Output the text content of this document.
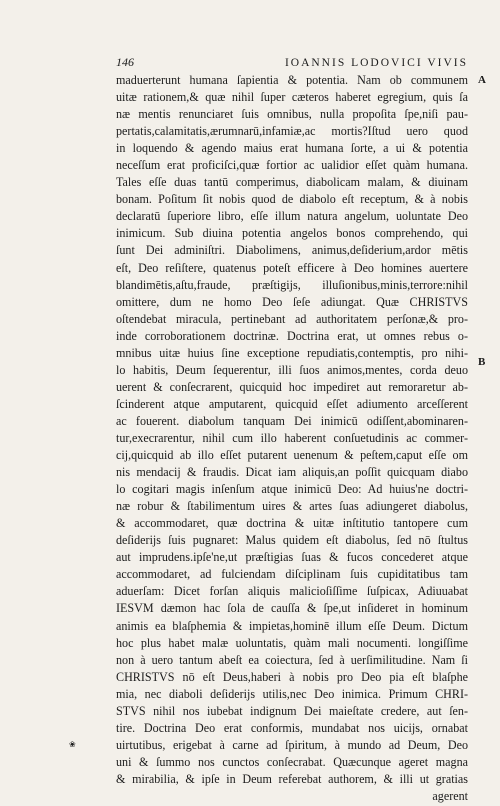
146	IOANNIS LODOVICI VIVIS
maduerterunt humana ſapientia & potentia. Nam ob communem
uitæ rationem,& quæ nihil ſuper cæteros haberet egregium, quis ſa
næ mentis renunciaret ſuis omnibus, nulla propoſita ſpe,niſi pau-
pertatis,calamitatis,ærumnarū,infamiæ,ac mortis?Iſtud uero quod
in loquendo & agendo maius erat humana ſorte, a ui & potentia
neceſſum erat proficiſci,quæ fortior ac ualidior eſſet quàm humana.
Tales eſſe duas tantū comperimus, diabolicam malam, & diuinam
bonam. Poſitum ſit nobis quod de diabolo eſt receptum, & à nobis
declaratū ſuperiore libro, eſſe illum natura angelum, uoluntate Deo
inimicum. Sub diuina potentia angelos bonos comprehendo, qui
ſunt Dei adminiſtri. Diabolimens, animus,deſiderium,ardor mētis
eſt, Deo reſiſtere, quatenus poteſt efficere à Deo homines auertere
blandimētis,aſtu,fraude, præſtigijs, illuſionibus,minis,terrore:nihil
omittere, dum ne homo Deo ſeſe adiungat. Quæ CHRISTVS
oſtendebat miracula, pertinebant ad authoritatem perſonæ,& pro-
inde corroborationem doctrinæ. Doctrina erat, ut omnes rebus o-
mnibus uitæ huius ſine exceptione repudiatis,contemptis, pro nihi-
lo habitis, Deum ſequerentur, illi ſuos animos,mentes, corda deuo
uerent & conſecrarent, quicquid hoc impediret aut remoraretur ab-
ſcinderent atque amputarent, quicquid eſſet adiumento arceſſerent
ac fouerent. diabolum tanquam Dei inimicū odiſſent,abominaren-
tur,execrarentur, nihil cum illo haberent conſuetudinis ac commer-
cij,quicquid ab illo eſſet putarent uenenum & peſtem,caput eſſe om
nis mendacij & fraudis. Dicat iam aliquis,an poſſit quicquam diabo
lo cogitari magis inſenſum atque inimicū Deo: Ad huius'ne doctri-
næ robur & ſtabilimentum uires & artes ſuas adiungeret diabolus,
& accommodaret, quæ doctrina & uitæ inſtitutio tantopere cum
deſiderijs ſuis pugnaret: Malus quidem eſt diabolus, ſed nō ſtultus
aut imprudens.ipſe'ne,ut præſtigias ſuas & fucos concederet atque
accommodaret, ad fulciendam diſciplinam ſuis cupiditatibus tam
aduerſam: Dicet forſan aliquis malicioſiſſime ſuſpicax, Adiuuabat
IESVM dæmon hac ſola de cauſſa & ſpe,ut inſideret in hominum
animis ea blaſphemia & impietas,hominē illum eſſe Deum. Dictum
hoc plus habet malæ uoluntatis, quàm mali nocumenti. longiſſime
non à uero tantum abeſt ea coiectura, ſed à uerſimilitudine. Nam ſi
CHRISTVS nō eſt Deus,haberi à nobis pro Deo pia eſt blaſphe
mia, nec diaboli deſiderijs utilis,nec Deo inimica. Primum CHRI-
STVS nihil nos iubebat indignum Dei maieſtate credere, aut ſen-
tire. Doctrina Deo erat conformis, mundabat nos uicijs, ornabat
uirtutibus, erigebat à carne ad ſpiritum, à mundo ad Deum, Deo
uni & ſummo nos cunctos conſecrabat. Quæcunque ageret magna
& mirabilia, & ipſe in Deum referebat authorem, & illi ut gratias
agerent
A
B
❀
